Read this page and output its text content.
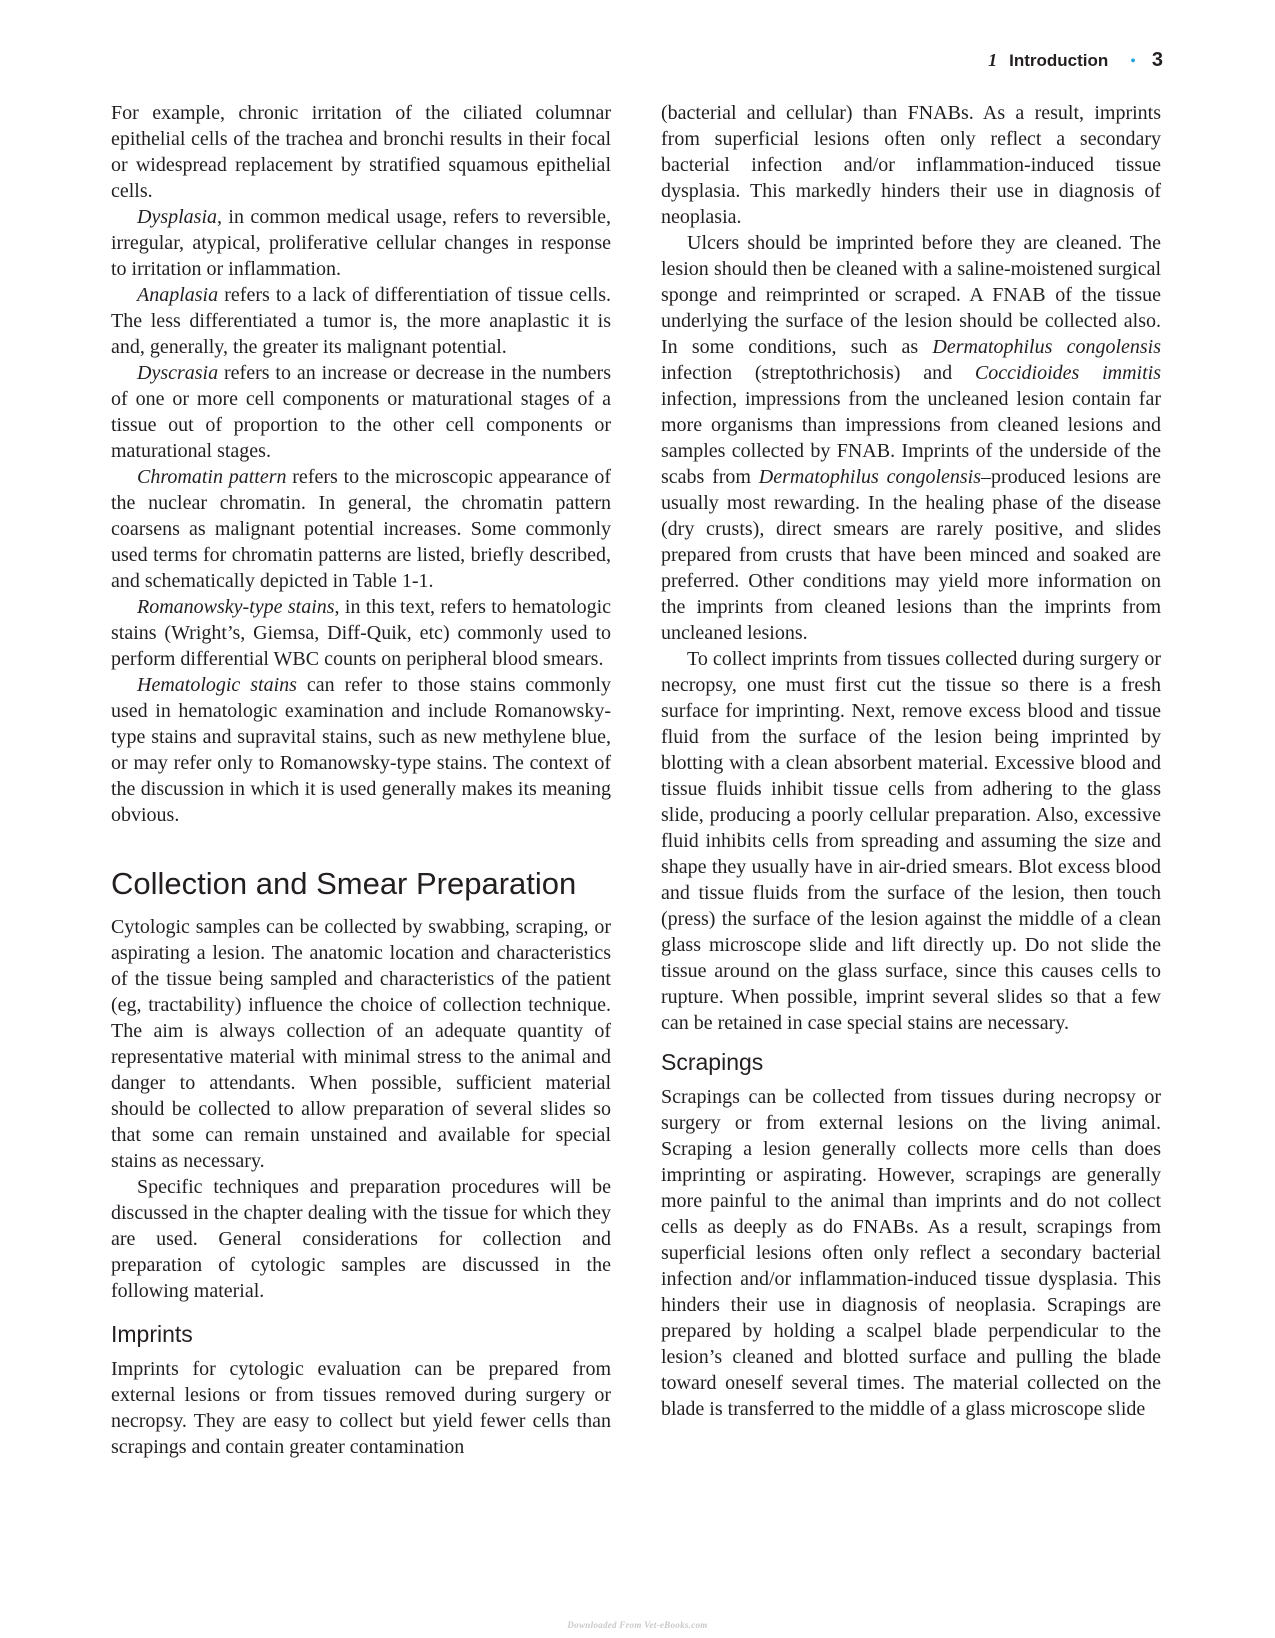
1 Introduction • 3

For example, chronic irritation of the ciliated columnar epithelial cells of the trachea and bronchi results in their focal or widespread replacement by stratified squamous epithelial cells.

Dysplasia, in common medical usage, refers to reversible, irregular, atypical, proliferative cellular changes in response to irritation or inflammation.

Anaplasia refers to a lack of differentiation of tissue cells. The less differentiated a tumor is, the more anaplastic it is and, generally, the greater its malignant potential.

Dyscrasia refers to an increase or decrease in the numbers of one or more cell components or maturational stages of a tissue out of proportion to the other cell components or maturational stages.

Chromatin pattern refers to the microscopic appearance of the nuclear chromatin. In general, the chromatin pattern coarsens as malignant potential increases. Some commonly used terms for chromatin patterns are listed, briefly described, and schematically depicted in Table 1-1.

Romanowsky-type stains, in this text, refers to hematologic stains (Wright’s, Giemsa, Diff-Quik, etc) commonly used to perform differential WBC counts on peripheral blood smears.

Hematologic stains can refer to those stains commonly used in hematologic examination and include Romanowsky-type stains and supravital stains, such as new methylene blue, or may refer only to Romanowsky-type stains. The context of the discussion in which it is used generally makes its meaning obvious.

Collection and Smear Preparation

Cytologic samples can be collected by swabbing, scraping, or aspirating a lesion. The anatomic location and characteristics of the tissue being sampled and characteristics of the patient (eg, tractability) influence the choice of collection technique. The aim is always collection of an adequate quantity of representative material with minimal stress to the animal and danger to attendants. When possible, sufficient material should be collected to allow preparation of several slides so that some can remain unstained and available for special stains as necessary.

Specific techniques and preparation procedures will be discussed in the chapter dealing with the tissue for which they are used. General considerations for collection and preparation of cytologic samples are discussed in the following material.

Imprints

Imprints for cytologic evaluation can be prepared from external lesions or from tissues removed during surgery or necropsy. They are easy to collect but yield fewer cells than scrapings and contain greater contamination

(bacterial and cellular) than FNABs. As a result, imprints from superficial lesions often only reflect a secondary bacterial infection and/or inflammation-induced tissue dysplasia. This markedly hinders their use in diagnosis of neoplasia.

Ulcers should be imprinted before they are cleaned. The lesion should then be cleaned with a saline-moistened surgical sponge and reimprinted or scraped. A FNAB of the tissue underlying the surface of the lesion should be collected also. In some conditions, such as Dermatophilus congolensis infection (streptothrichosis) and Coccidioides immitis infection, impressions from the uncleaned lesion contain far more organisms than impressions from cleaned lesions and samples collected by FNAB. Imprints of the underside of the scabs from Dermatophilus congolensis–produced lesions are usually most rewarding. In the healing phase of the disease (dry crusts), direct smears are rarely positive, and slides prepared from crusts that have been minced and soaked are preferred. Other conditions may yield more information on the imprints from cleaned lesions than the imprints from uncleaned lesions.

To collect imprints from tissues collected during surgery or necropsy, one must first cut the tissue so there is a fresh surface for imprinting. Next, remove excess blood and tissue fluid from the surface of the lesion being imprinted by blotting with a clean absorbent material. Excessive blood and tissue fluids inhibit tissue cells from adhering to the glass slide, producing a poorly cellular preparation. Also, excessive fluid inhibits cells from spreading and assuming the size and shape they usually have in air-dried smears. Blot excess blood and tissue fluids from the surface of the lesion, then touch (press) the surface of the lesion against the middle of a clean glass microscope slide and lift directly up. Do not slide the tissue around on the glass surface, since this causes cells to rupture. When possible, imprint several slides so that a few can be retained in case special stains are necessary.

Scrapings

Scrapings can be collected from tissues during necropsy or surgery or from external lesions on the living animal. Scraping a lesion generally collects more cells than does imprinting or aspirating. However, scrapings are generally more painful to the animal than imprints and do not collect cells as deeply as do FNABs. As a result, scrapings from superficial lesions often only reflect a secondary bacterial infection and/or inflammation-induced tissue dysplasia. This hinders their use in diagnosis of neoplasia. Scrapings are prepared by holding a scalpel blade perpendicular to the lesion’s cleaned and blotted surface and pulling the blade toward oneself several times. The material collected on the blade is transferred to the middle of a glass microscope slide

Downloaded From Vet-eBooks.com
